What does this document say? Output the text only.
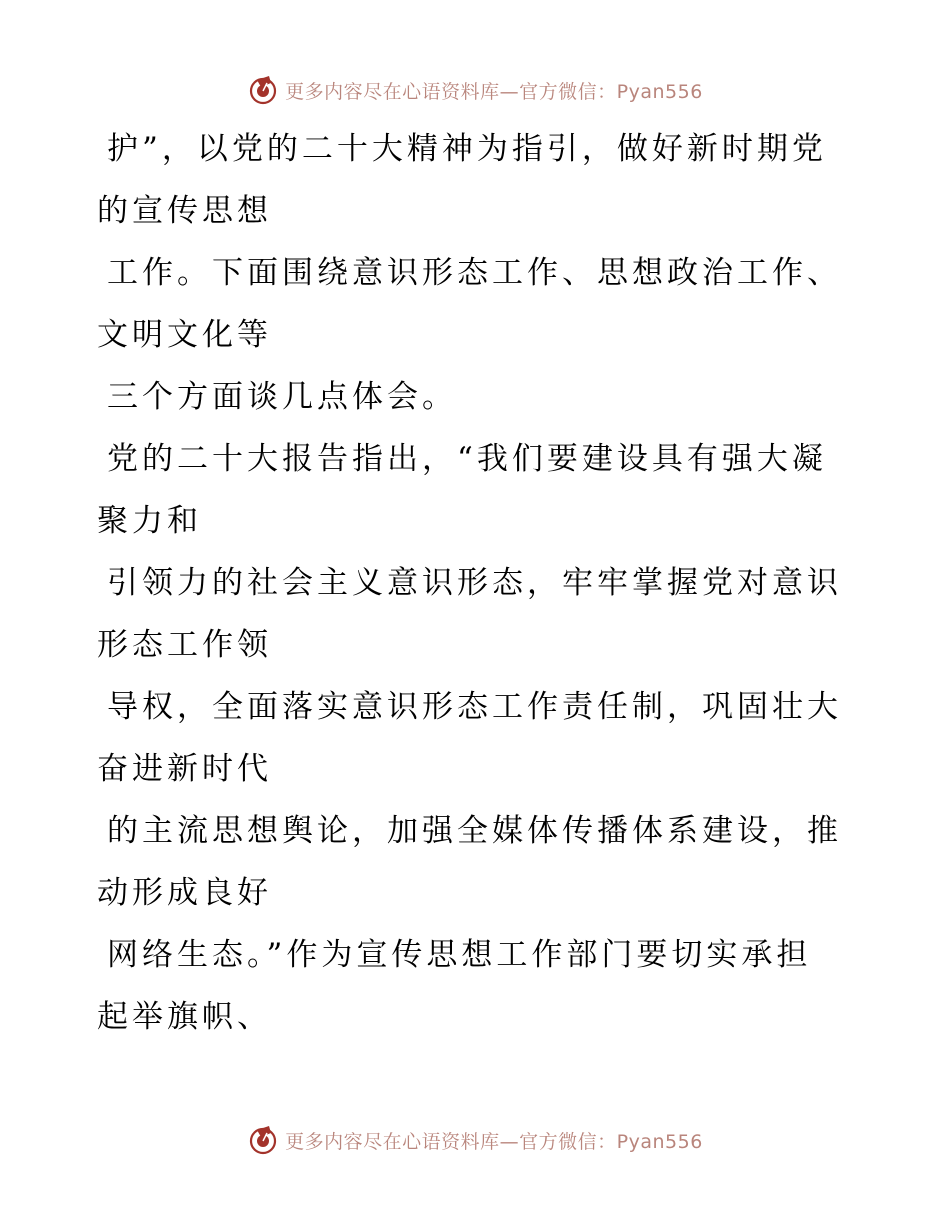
更多内容尽在心语资料库—官方微信：Pyan556
护”，以党的二十大精神为指引，做好新时期党
的宣传思想
工作。下面围绕意识形态工作、思想政治工作、
文明文化等
三个方面谈几点体会。
党的二十大报告指出，“我们要建设具有强大凝
聚力和
引领力的社会主义意识形态，牢牢掌握党对意识
形态工作领
导权，全面落实意识形态工作责任制，巩固壮大
奋进新时代
的主流思想舆论，加强全媒体传播体系建设，推
动形成良好
网络生态。”作为宣传思想工作部门要切实承担
起举旗帜、
更多内容尽在心语资料库—官方微信：Pyan556
